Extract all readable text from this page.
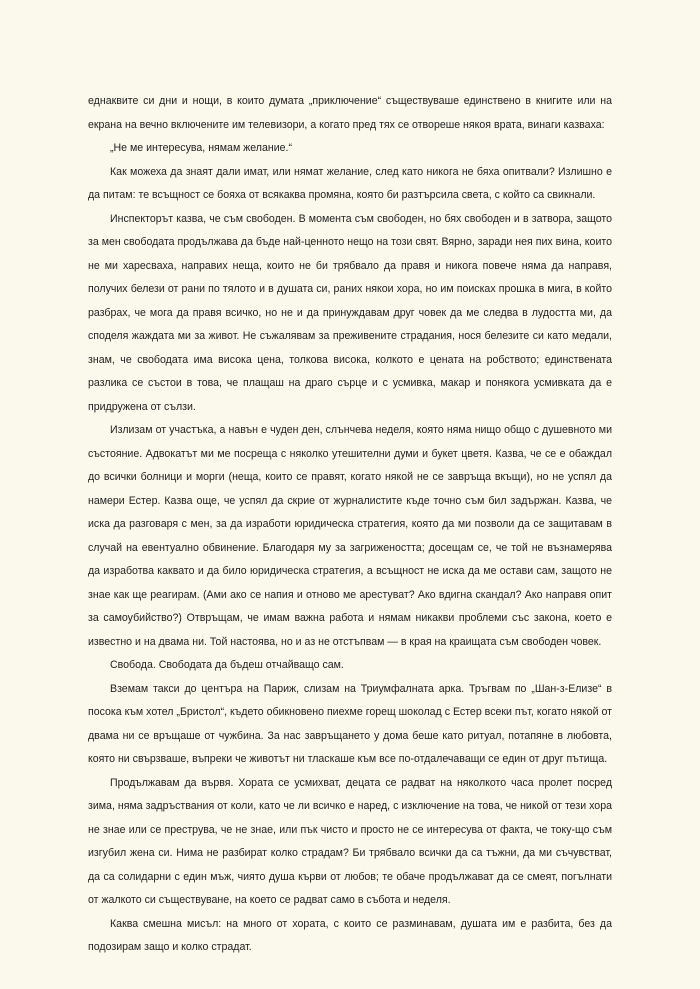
еднаквите си дни и нощи, в които думата „приключение“ съществуваше единствено в книгите или на екрана на вечно включените им телевизори, а когато пред тях се отвореше някоя врата, винаги казваха:

„Не ме интересува, нямам желание.“

Как можеха да знаят дали имат, или нямат желание, след като никога не бяха опитвали? Излишно е да питам: те всъщност се бояха от всякаква промяна, която би разтърсила света, с който са свикнали.

Инспекторът казва, че съм свободен. В момента съм свободен, но бях свободен и в затвора, защото за мен свободата продължава да бъде най-ценното нещо на този свят. Вярно, заради нея пих вина, които не ми харесваха, направих неща, които не би трябвало да правя и никога повече няма да направя, получих белези от рани по тялото и в душата си, раних някои хора, но им поисках прошка в мига, в който разбрах, че мога да правя всичко, но не и да принуждавам друг човек да ме следва в лудостта ми, да споделя жаждата ми за живот. Не съжалявам за преживените страдания, нося белезите си като медали, знам, че свободата има висока цена, толкова висока, колкото е цената на робството; единствената разлика се състои в това, че плащаш на драго сърце и с усмивка, макар и понякога усмивката да е придружена от сълзи.

Излизам от участъка, а навън е чуден ден, слънчева неделя, която няма нищо общо с душевното ми състояние. Адвокатът ми ме посреща с няколко утешителни думи и букет цветя. Казва, че се е обаждал до всички болници и морги (неща, които се правят, когато някой не се завръща вкъщи), но не успял да намери Естер. Казва още, че успял да скрие от журналистите къде точно съм бил задържан. Казва, че иска да разговаря с мен, за да изработи юридическа стратегия, която да ми позволи да се защитавам в случай на евентуално обвинение. Благодаря му за загрижеността; досещам се, че той не възнамерява да изработва каквато и да било юридическа стратегия, а всъщност не иска да ме остави сам, защото не знае как ще реагирам. (Ами ако се напия и отново ме арестуват? Ако вдигна скандал? Ако направя опит за самоубийство?) Отвръщам, че имам важна работа и нямам никакви проблеми със закона, което е известно и на двама ни. Той настоява, но и аз не отстъпвам — в края на краищата съм свободен човек.

Свобода. Свободата да бъдеш отчайващо сам.

Вземам такси до центъра на Париж, слизам на Триумфалната арка. Тръгвам по „Шан-з-Елизе“ в посока към хотел „Бристол“, където обикновено пиехме горещ шоколад с Естер всеки път, когато някой от двама ни се връщаше от чужбина. За нас завръщането у дома беше като ритуал, потапяне в любовта, която ни свързваше, въпреки че животът ни тласкаше към все по-отдалечаващи се един от друг пътища.

Продължавам да вървя. Хората се усмихват, децата се радват на няколкото часа пролет посред зима, няма задръствания от коли, като че ли всичко е наред, с изключение на това, че никой от тези хора не знае или се преструва, че не знае, или пък чисто и просто не се интересува от факта, че току-що съм изгубил жена си. Нима не разбират колко страдам? Би трябвало всички да са тъжни, да ми съчувстват, да са солидарни с един мъж, чиято душа кърви от любов; те обаче продължават да се смеят, погълнати от жалкото си съществуване, на което се радват само в събота и неделя.

Каква смешна мисъл: на много от хората, с които се разминавам, душата им е разбита, без да подозирам защо и колко страдат.
